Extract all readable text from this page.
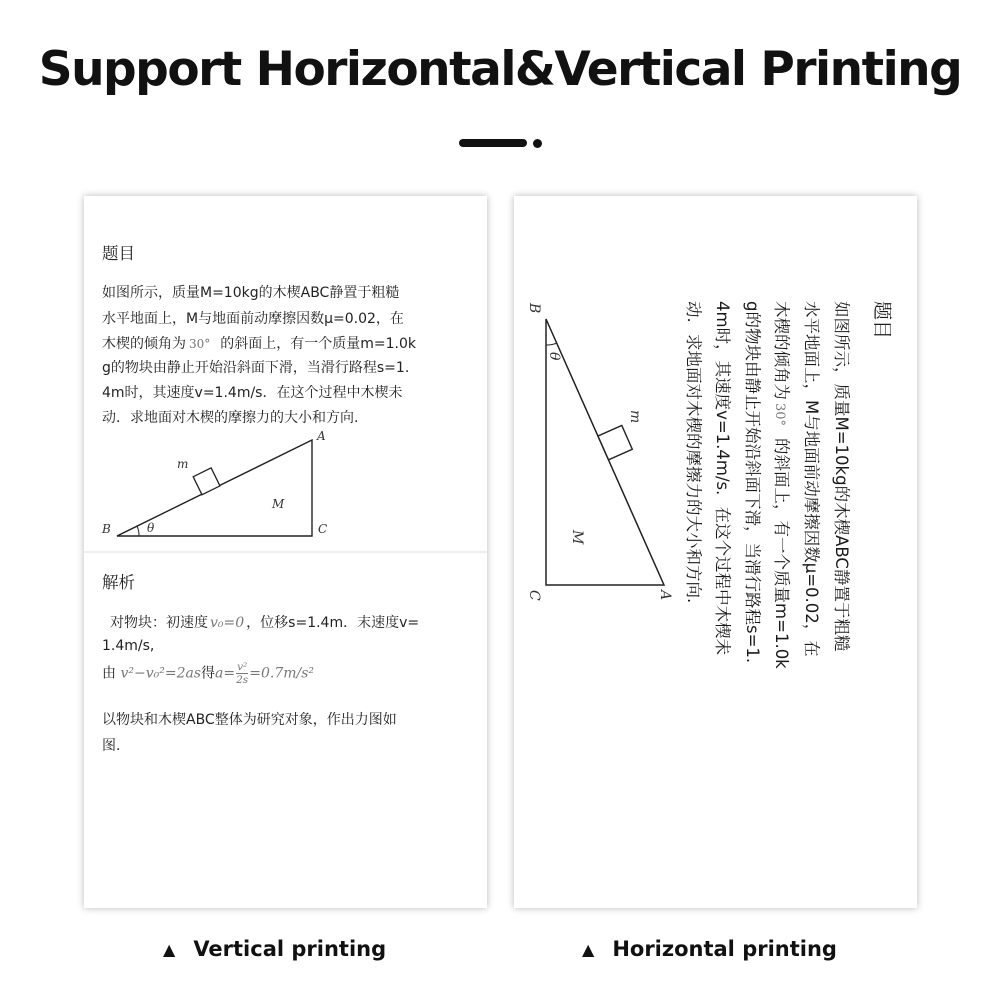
Support Horizontal&Vertical Printing
题目
如图所示，质量M=10kg的木楔ABC静置于粗糙
水平地面上，M与地面前动摩擦因数μ=0.02，在
木楔的倾角为 30° 的斜面上，有一个质量m=1.0k
g的物块由静止开始沿斜面下滑，当滑行路程s=1.
4m时，其速度v=1.4m/s．在这个过程中木楔未
动．求地面对木楔的摩擦力的大小和方向.
A
B	C
m
M
θ
解析
对物块：初速度 v₀=0 ，位移s=1.4m．末速度v=
1.4m/s,
由 v²−v₀²=2as得$a= \frac{\text{v²}}{2s} =0.7m/s^2$
以物块和木楔ABC整体为研究对象，作出力图如
图.
题目
如图所示，质量M=10kg的木楔ABC静置于粗糙
水平地面上，M与地面前动摩擦因数μ=0.02，在
木楔的倾角为30°的斜面上，有一个质量m=1.0k
g的物块由静止开始沿斜面下滑，当滑行路程s=1.
4m时，其速度v=1.4m/s．在这个过程中木楔未
动．求地面对木楔的摩擦力的大小和方向.
A
B
C
m
M
θ
▲ Vertical printing	▲ Horizontal printing
